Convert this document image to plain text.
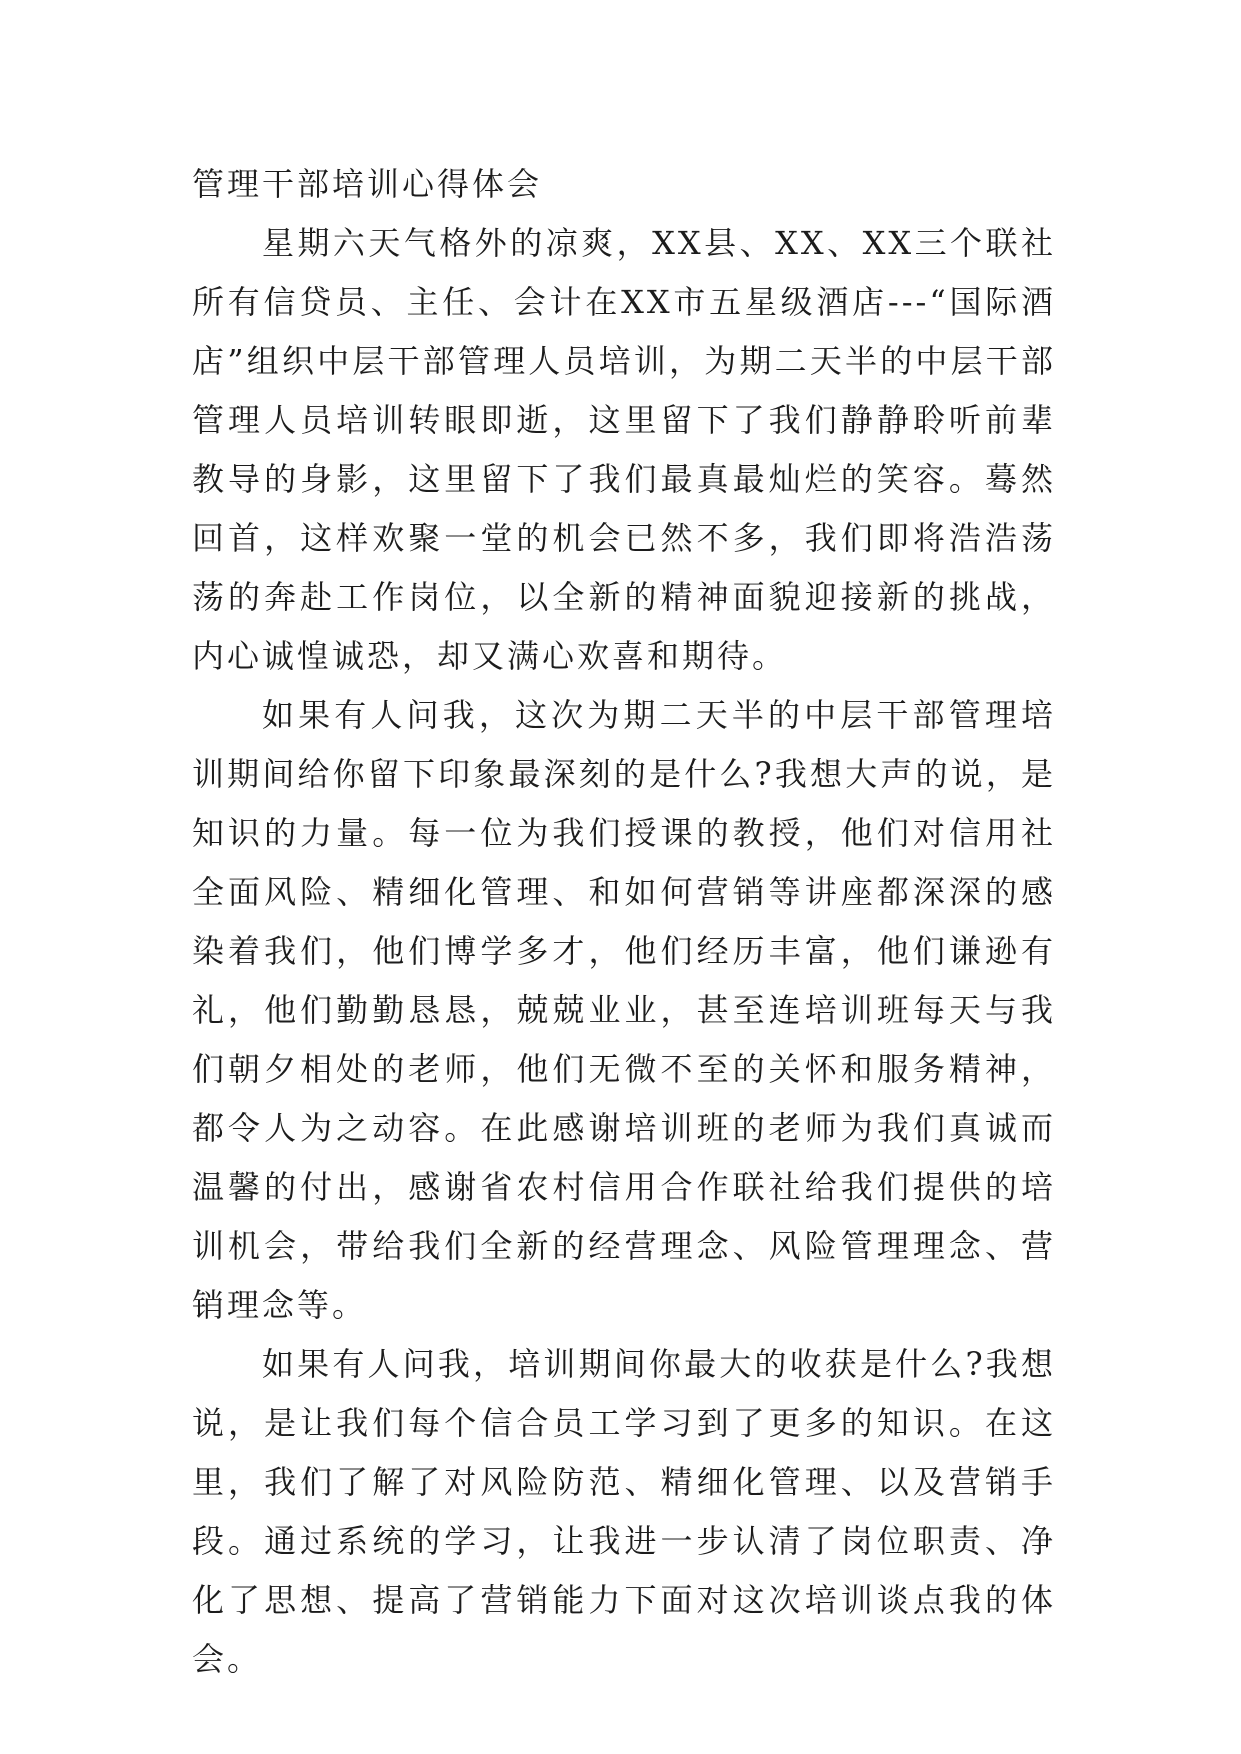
管理干部培训心得体会

星期六天气格外的凉爽，XX县、XX、XX三个联社所有信贷员、主任、会计在XX市五星级酒店---“国际酒店”组织中层干部管理人员培训，为期二天半的中层干部管理人员培训转眼即逝，这里留下了我们静静聆听前辈教导的身影，这里留下了我们最真最灿烂的笑容。蓦然回首，这样欢聚一堂的机会已然不多，我们即将浩浩荡荡的奔赴工作岗位，以全新的精神面貌迎接新的挑战，内心诚惶诚恐，却又满心欢喜和期待。

如果有人问我，这次为期二天半的中层干部管理培训期间给你留下印象最深刻的是什么?我想大声的说，是知识的力量。每一位为我们授课的教授，他们对信用社全面风险、精细化管理、和如何营销等讲座都深深的感染着我们，他们博学多才，他们经历丰富，他们谦逊有礼，他们勤勤恳恳，兢兢业业，甚至连培训班每天与我们朝夕相处的老师，他们无微不至的关怀和服务精神，都令人为之动容。在此感谢培训班的老师为我们真诚而温馨的付出，感谢省农村信用合作联社给我们提供的培训机会，带给我们全新的经营理念、风险管理理念、营销理念等。

如果有人问我，培训期间你最大的收获是什么?我想说，是让我们每个信合员工学习到了更多的知识。在这里，我们了解了对风险防范、精细化管理、以及营销手段。通过系统的学习，让我进一步认清了岗位职责、净化了思想、提高了营销能力下面对这次培训谈点我的体会。
